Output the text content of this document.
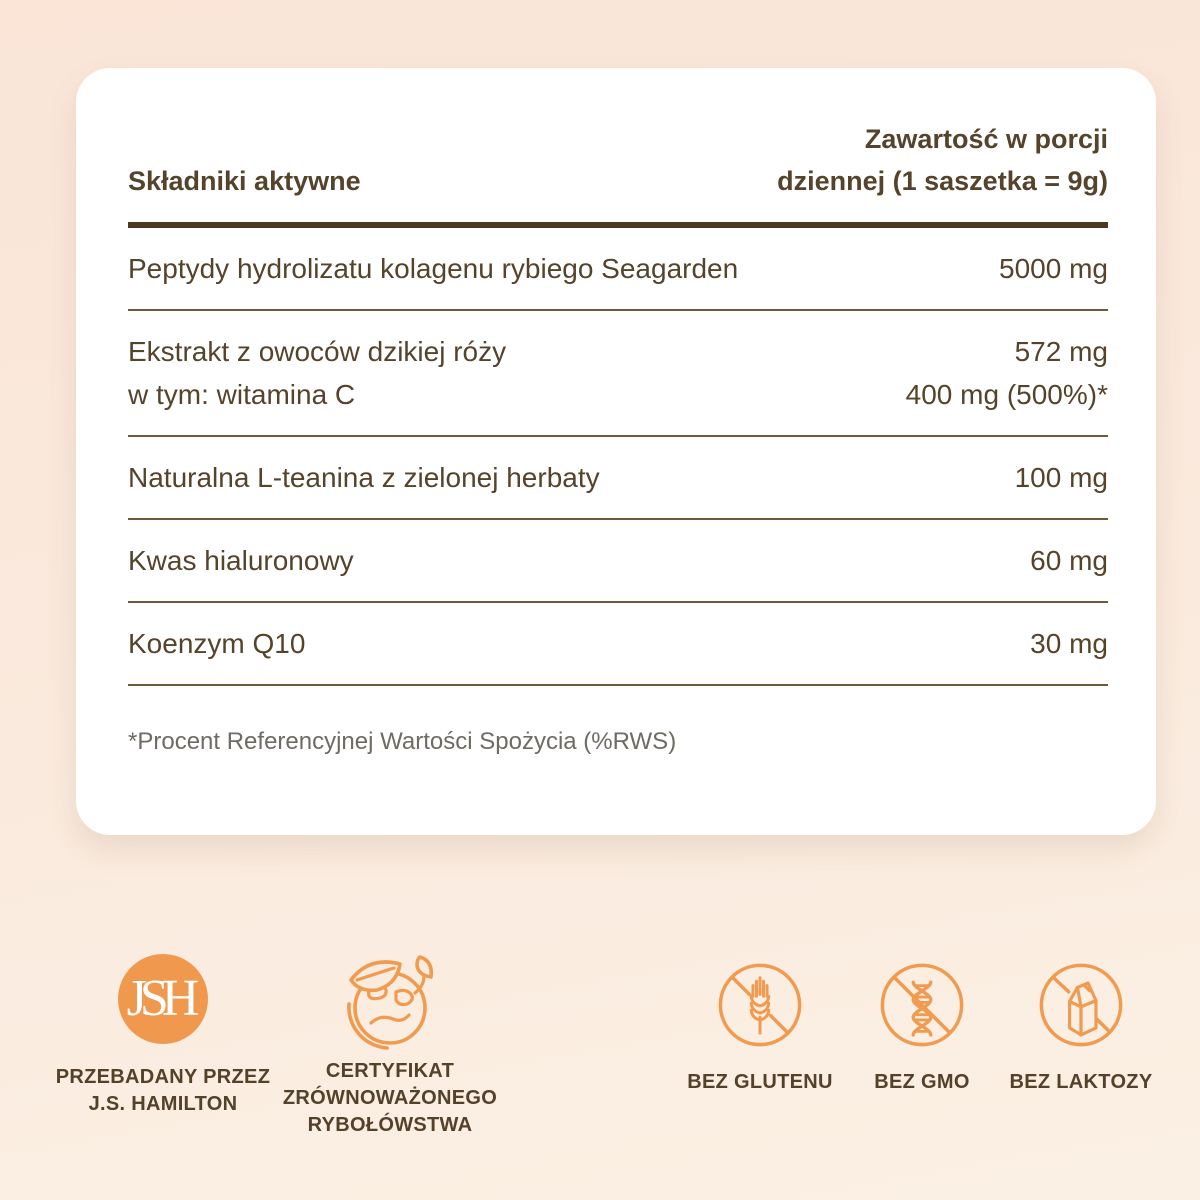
Składniki aktywne
Zawartość w porcji
dziennej (1 saszetka = 9g)
Peptydy hydrolizatu kolagenu rybiego Seagarden	5000 mg
Ekstrakt z owoców dzikiej róży	572 mg
w tym: witamina C	400 mg (500%)*
Naturalna L-teanina z zielonej herbaty	100 mg
Kwas hialuronowy	60 mg
Koenzym Q10	30 mg
*Procent Referencyjnej Wartości Spożycia (%RWS)
JSH
PRZEBADANY PRZEZ
J.S. HAMILTON
CERTYFIKAT
ZRÓWNOWAŻONEGO
RYBOŁÓWSTWA
BEZ GLUTENU	BEZ GMO	BEZ LAKTOZY
